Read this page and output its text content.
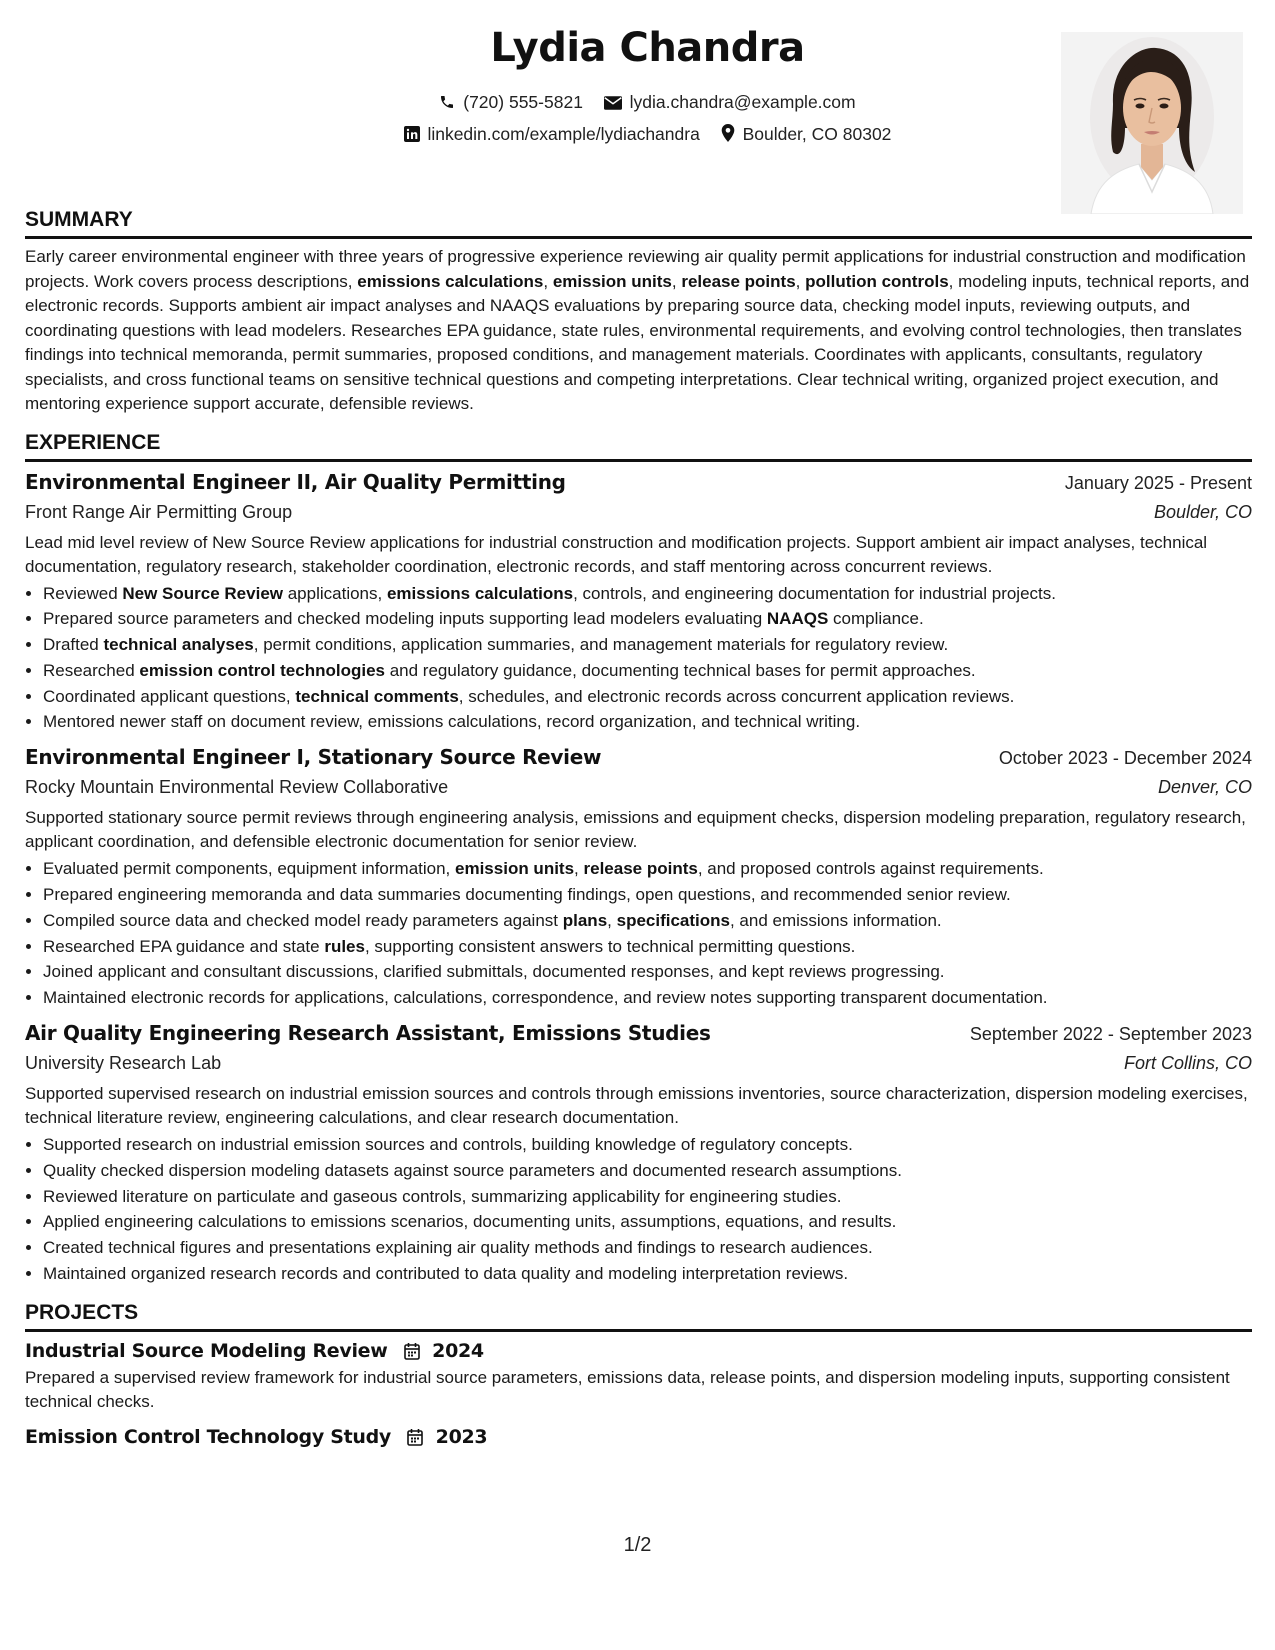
Lydia Chandra
(720) 555-5821	lydia.chandra@example.com
linkedin.com/example/lydiachandra Boulder, CO 80302
SUMMARY

Early career environmental engineer with three years of progressive experience reviewing air quality permit applications for industrial construction and modification projects. Work covers process descriptions, emissions calculations, emission units, release points, pollution controls, modeling inputs, technical reports, and electronic records. Supports ambient air impact analyses and NAAQS evaluations by preparing source data, checking model inputs, reviewing outputs, and coordinating questions with lead modelers. Researches EPA guidance, state rules, environmental requirements, and evolving control technologies, then translates findings into technical memoranda, permit summaries, proposed conditions, and management materials. Coordinates with applicants, consultants, regulatory specialists, and cross functional teams on sensitive technical questions and competing interpretations. Clear technical writing, organized project execution, and mentoring experience support accurate, defensible reviews.

EXPERIENCE
Environmental Engineer II, Air Quality Permitting	January 2025 - Present
Front Range Air Permitting Group	Boulder, CO

Lead mid level review of New Source Review applications for industrial construction and modification projects. Support ambient air impact analyses, technical documentation, regulatory research, stakeholder coordination, electronic records, and staff mentoring across concurrent reviews.

• Reviewed New Source Review applications, emissions calculations, controls, and engineering documentation for industrial projects.
• Prepared source parameters and checked modeling inputs supporting lead modelers evaluating NAAQS compliance.
• Drafted technical analyses, permit conditions, application summaries, and management materials for regulatory review.
• Researched emission control technologies and regulatory guidance, documenting technical bases for permit approaches.
• Coordinated applicant questions, technical comments, schedules, and electronic records across concurrent application reviews.
• Mentored newer staff on document review, emissions calculations, record organization, and technical writing.
Environmental Engineer I, Stationary Source Review	October 2023 - December 2024
Rocky Mountain Environmental Review Collaborative	Denver, CO

Supported stationary source permit reviews through engineering analysis, emissions and equipment checks, dispersion modeling preparation, regulatory research, applicant coordination, and defensible electronic documentation for senior review.

• Evaluated permit components, equipment information, emission units, release points, and proposed controls against requirements.
• Prepared engineering memoranda and data summaries documenting findings, open questions, and recommended senior review.
• Compiled source data and checked model ready parameters against plans, specifications, and emissions information.
• Researched EPA guidance and state rules, supporting consistent answers to technical permitting questions.
• Joined applicant and consultant discussions, clarified submittals, documented responses, and kept reviews progressing.
• Maintained electronic records for applications, calculations, correspondence, and review notes supporting transparent documentation.
Air Quality Engineering Research Assistant, Emissions Studies	September 2022 - September 2023
University Research Lab	Fort Collins, CO

Supported supervised research on industrial emission sources and controls through emissions inventories, source characterization, dispersion modeling exercises, technical literature review, engineering calculations, and clear research documentation.

• Supported research on industrial emission sources and controls, building knowledge of regulatory concepts.
• Quality checked dispersion modeling datasets against source parameters and documented research assumptions.
• Reviewed literature on particulate and gaseous controls, summarizing applicability for engineering studies.
• Applied engineering calculations to emissions scenarios, documenting units, assumptions, equations, and results.
• Created technical figures and presentations explaining air quality methods and findings to research audiences.
• Maintained organized research records and contributed to data quality and modeling interpretation reviews.
PROJECTS
Industrial Source Modeling Review 2024
Prepared a supervised review framework for industrial source parameters, emissions data, release points, and dispersion modeling inputs, supporting consistent technical checks.
Emission Control Technology Study 2023
1/2
